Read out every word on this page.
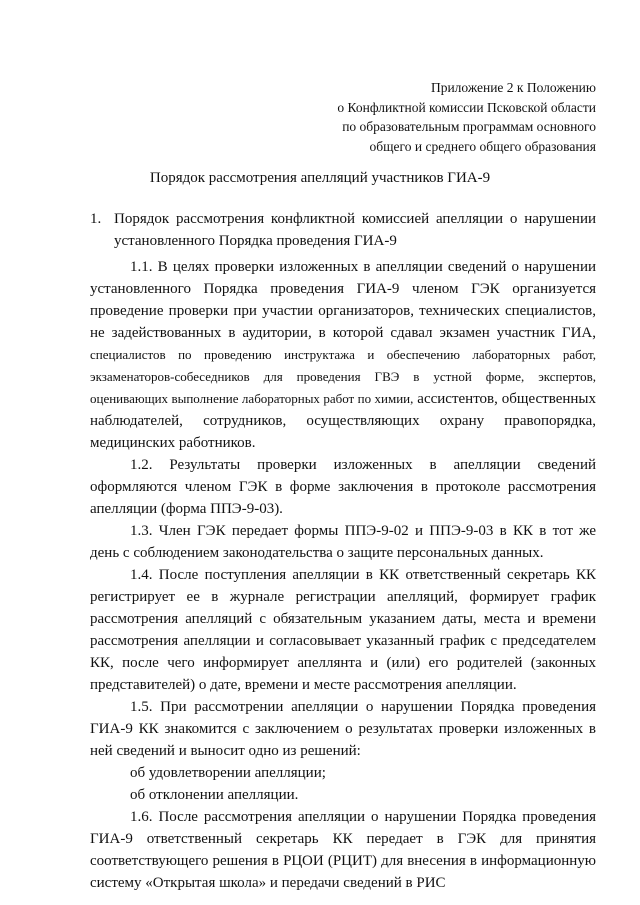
Приложение 2 к Положению
о Конфликтной комиссии Псковской области
по образовательным программам основного
общего и среднего общего образования
Порядок рассмотрения апелляций участников ГИА-9
1. Порядок рассмотрения конфликтной комиссией апелляции о нарушении установленного Порядка проведения ГИА-9

1.1. В целях проверки изложенных в апелляции сведений о нарушении установленного Порядка проведения ГИА-9 членом ГЭК организуется проведение проверки при участии организаторов, технических специалистов, не задействованных в аудитории, в которой сдавал экзамен участник ГИА, специалистов по проведению инструктажа и обеспечению лабораторных работ, экзаменаторов-собеседников для проведения ГВЭ в устной форме, экспертов, оценивающих выполнение лабораторных работ по химии, ассистентов, общественных наблюдателей, сотрудников, осуществляющих охрану правопорядка, медицинских работников.

1.2. Результаты проверки изложенных в апелляции сведений оформляются членом ГЭК в форме заключения в протоколе рассмотрения апелляции (форма ППЭ-9-03).

1.3. Член ГЭК передает формы ППЭ-9-02 и ППЭ-9-03 в КК в тот же день с соблюдением законодательства о защите персональных данных.

1.4. После поступления апелляции в КК ответственный секретарь КК регистрирует ее в журнале регистрации апелляций, формирует график рассмотрения апелляций с обязательным указанием даты, места и времени рассмотрения апелляции и согласовывает указанный график с председателем КК, после чего информирует апеллянта и (или) его родителей (законных представителей) о дате, времени и месте рассмотрения апелляции.

1.5. При рассмотрении апелляции о нарушении Порядка проведения ГИА-9 КК знакомится с заключением о результатах проверки изложенных в ней сведений и выносит одно из решений:

об удовлетворении апелляции;

об отклонении апелляции.

1.6. После рассмотрения апелляции о нарушении Порядка проведения ГИА-9 ответственный секретарь КК передает в ГЭК для принятия соответствующего решения в РЦОИ (РЦИТ) для внесения в информационную систему «Открытая школа» и передачи сведений в РИС
